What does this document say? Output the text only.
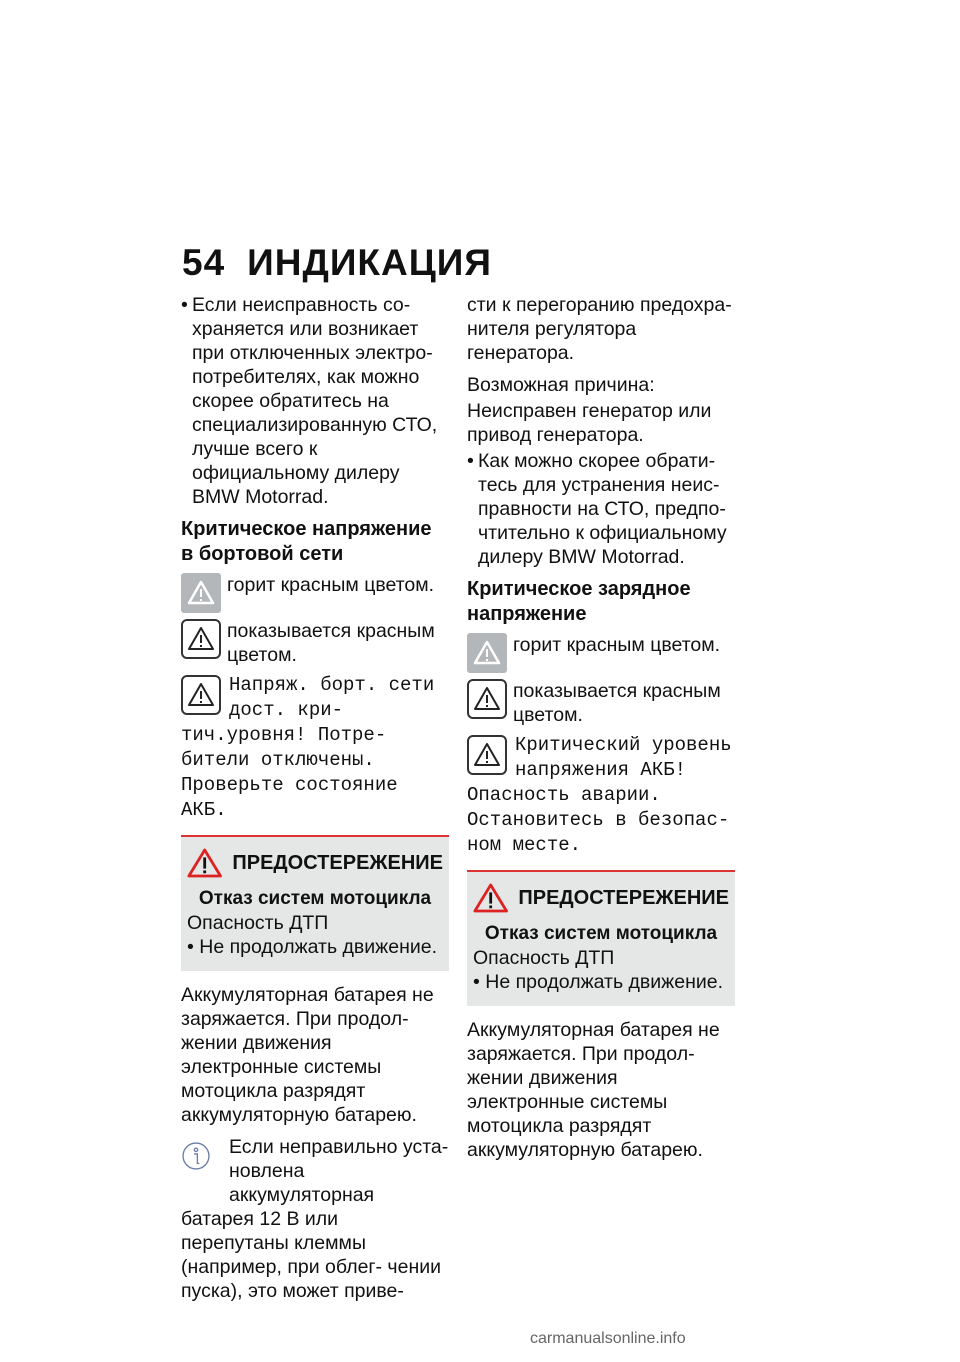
54 ИНДИКАЦИЯ
• Если неисправность со- храняется или возникает при отключенных электро- потребителях, как можно скорее обратитесь на специализированную СТО, лучше всего к официальному дилеру BMW Motorrad.
Критическое напряжение в бортовой сети
горит красным цветом.
показывается красным цветом.
Напряж. борт. сети дост. кри-
тич.уровня! Потре- бители отключены. Проверьте состояние АКБ.
ПРЕДОСТЕРЕЖЕНИЕ
Отказ систем мотоцикла
Опасность ДТП
• Не продолжать движение.

Аккумуляторная батарея не заряжается. При продол- жении движения электронные системы мотоцикла разрядят аккумуляторную батарею.

Если неправильно уста- новлена аккумуляторная
батарея 12 В или перепутаны клеммы (например, при облег- чении пуска), это может приве-

сти к перегоранию предохра- нителя регулятора генератора.

Возможная причина:

Неисправен генератор или привод генератора.

• Как можно скорее обрати- тесь для устранения неис- правности на СТО, предпо- чтительно к официальному дилеру BMW Motorrad.
Критическое зарядное напряжение
горит красным цветом.
показывается красным цветом.
Критический уровень напряжения АКБ!
Опасность аварии. Остановитесь в безопас- ном месте.
ПРЕДОСТЕРЕЖЕНИЕ
Отказ систем мотоцикла
Опасность ДТП
• Не продолжать движение.

Аккумуляторная батарея не заряжается. При продол- жении движения электронные системы мотоцикла разрядят аккумуляторную батарею.

carmanualsonline.info
